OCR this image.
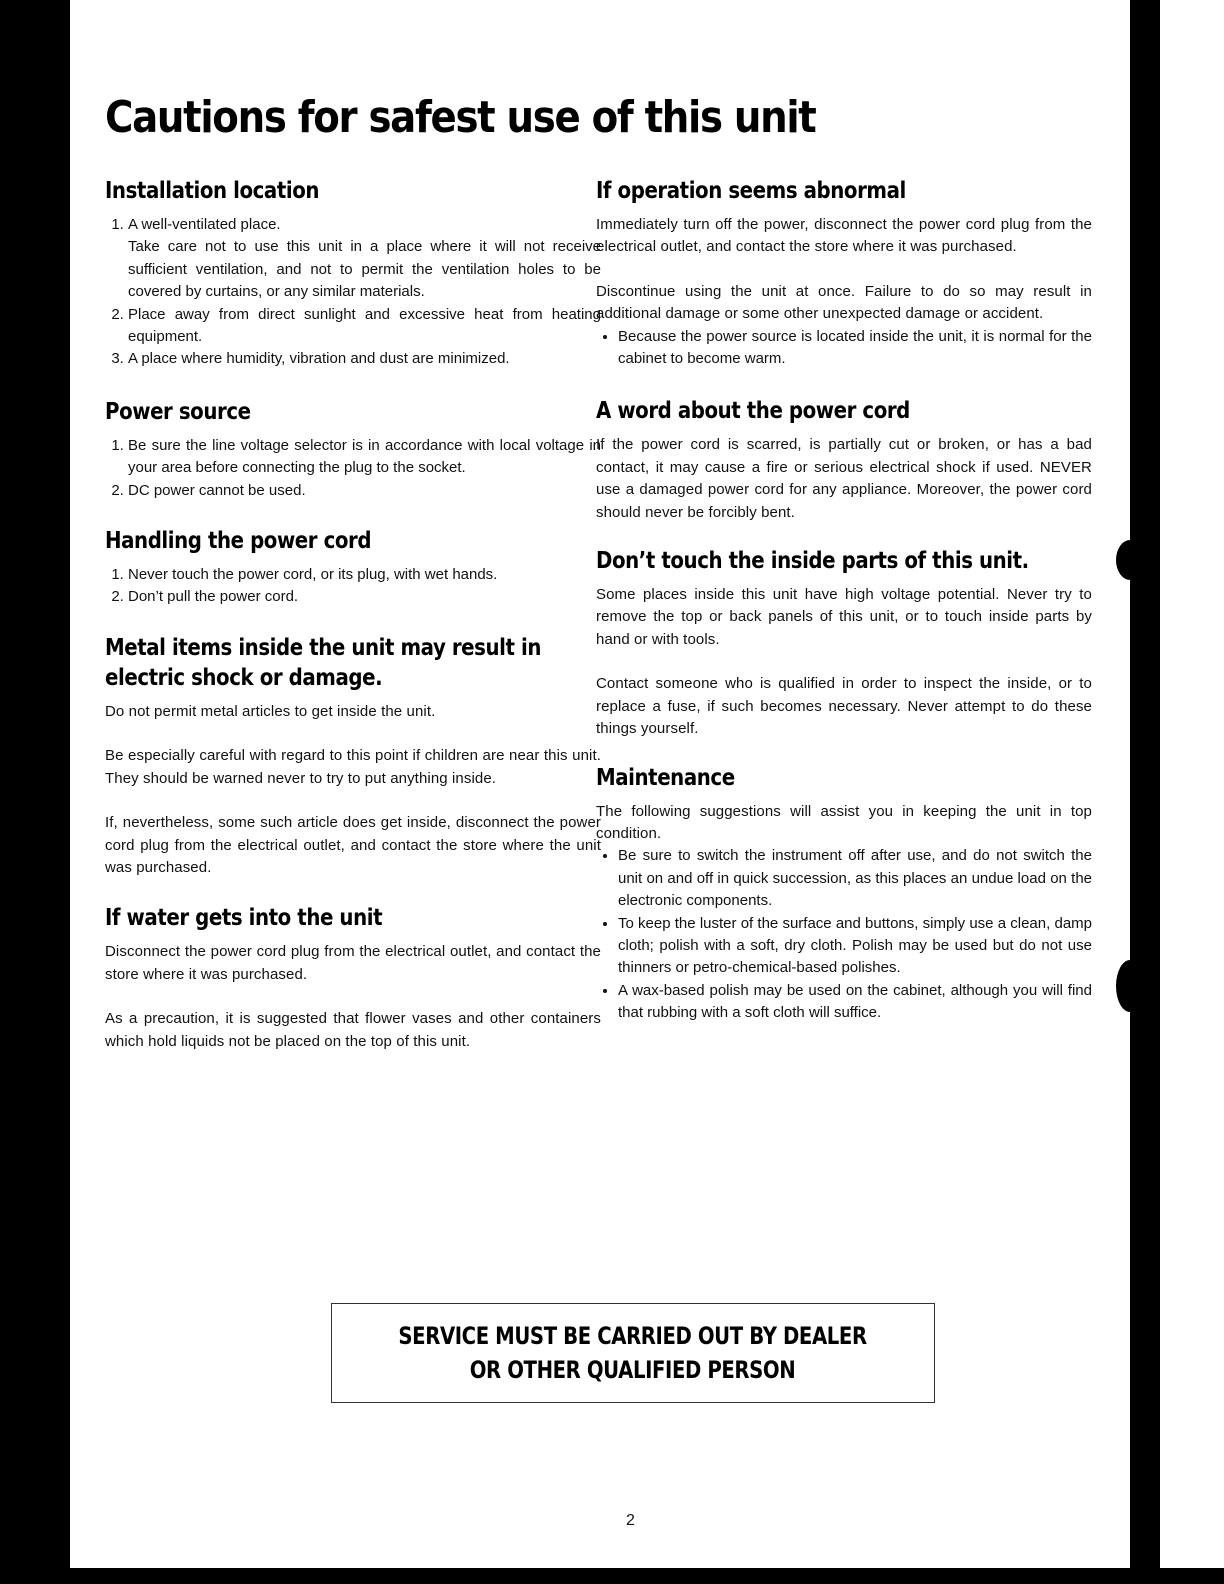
Cautions for safest use of this unit
Installation location
1. A well-ventilated place.
Take care not to use this unit in a place where it will not receive sufficient ventilation, and not to permit the ventilation holes to be covered by curtains, or any similar materials.
2. Place away from direct sunlight and excessive heat from heating equipment.
3. A place where humidity, vibration and dust are minimized.
Power source
1. Be sure the line voltage selector is in accordance with local voltage in your area before connecting the plug to the socket.
2. DC power cannot be used.
Handling the power cord
1. Never touch the power cord, or its plug, with wet hands.
2. Don’t pull the power cord.
Metal items inside the unit may result in electric shock or damage.

Do not permit metal articles to get inside the unit.

Be especially careful with regard to this point if children are near this unit. They should be warned never to try to put anything inside.

If, nevertheless, some such article does get inside, disconnect the power cord plug from the electrical outlet, and contact the store where the unit was purchased.

If water gets into the unit

Disconnect the power cord plug from the electrical outlet, and contact the store where it was purchased.

As a precaution, it is suggested that flower vases and other containers which hold liquids not be placed on the top of this unit.

If operation seems abnormal

Immediately turn off the power, disconnect the power cord plug from the electrical outlet, and contact the store where it was purchased.

Discontinue using the unit at once. Failure to do so may result in additional damage or some other unexpected damage or accident.

• Because the power source is located inside the unit, it is normal for the cabinet to become warm.
A word about the power cord

If the power cord is scarred, is partially cut or broken, or has a bad contact, it may cause a fire or serious electrical shock if used. NEVER use a damaged power cord for any appliance. Moreover, the power cord should never be forcibly bent.

Don’t touch the inside parts of this unit.

Some places inside this unit have high voltage potential. Never try to remove the top or back panels of this unit, or to touch inside parts by hand or with tools.

Contact someone who is qualified in order to inspect the inside, or to replace a fuse, if such becomes necessary. Never attempt to do these things yourself.

Maintenance

The following suggestions will assist you in keeping the unit in top condition.

• Be sure to switch the instrument off after use, and do not switch the unit on and off in quick succession, as this places an undue load on the electronic components.
• To keep the luster of the surface and buttons, simply use a clean, damp cloth; polish with a soft, dry cloth. Polish may be used but do not use thinners or petro-chemical-based polishes.
• A wax-based polish may be used on the cabinet, although you will find that rubbing with a soft cloth will suffice.
SERVICE MUST BE CARRIED OUT BY DEALER
OR OTHER QUALIFIED PERSON
2
